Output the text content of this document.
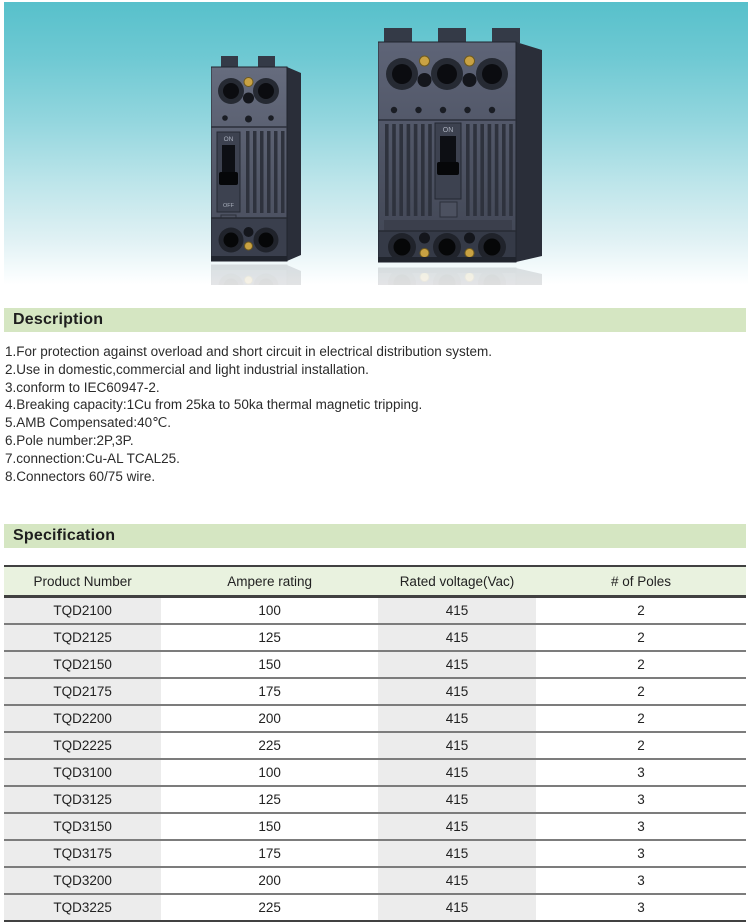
Description
1.For protection against overload and short circuit in electrical distribution system.
2.Use in domestic,commercial and light industrial installation.
3.conform to IEC60947-2.
4.Breaking capacity:1Cu from 25ka to 50ka thermal magnetic tripping.
5.AMB Compensated:40℃.
6.Pole number:2P,3P.
7.connection:Cu-AL TCAL25.
8.Connectors 60/75 wire.
Specification
Product Number	Ampere rating	Rated voltage(Vac)	# of Poles
TQD2100	100	415	2
TQD2125	125	415	2
TQD2150	150	415	2
TQD2175	175	415	2
TQD2200	200	415	2
TQD2225	225	415	2
TQD3100	100	415	3
TQD3125	125	415	3
TQD3150	150	415	3
TQD3175	175	415	3
TQD3200	200	415	3
TQD3225	225	415	3
